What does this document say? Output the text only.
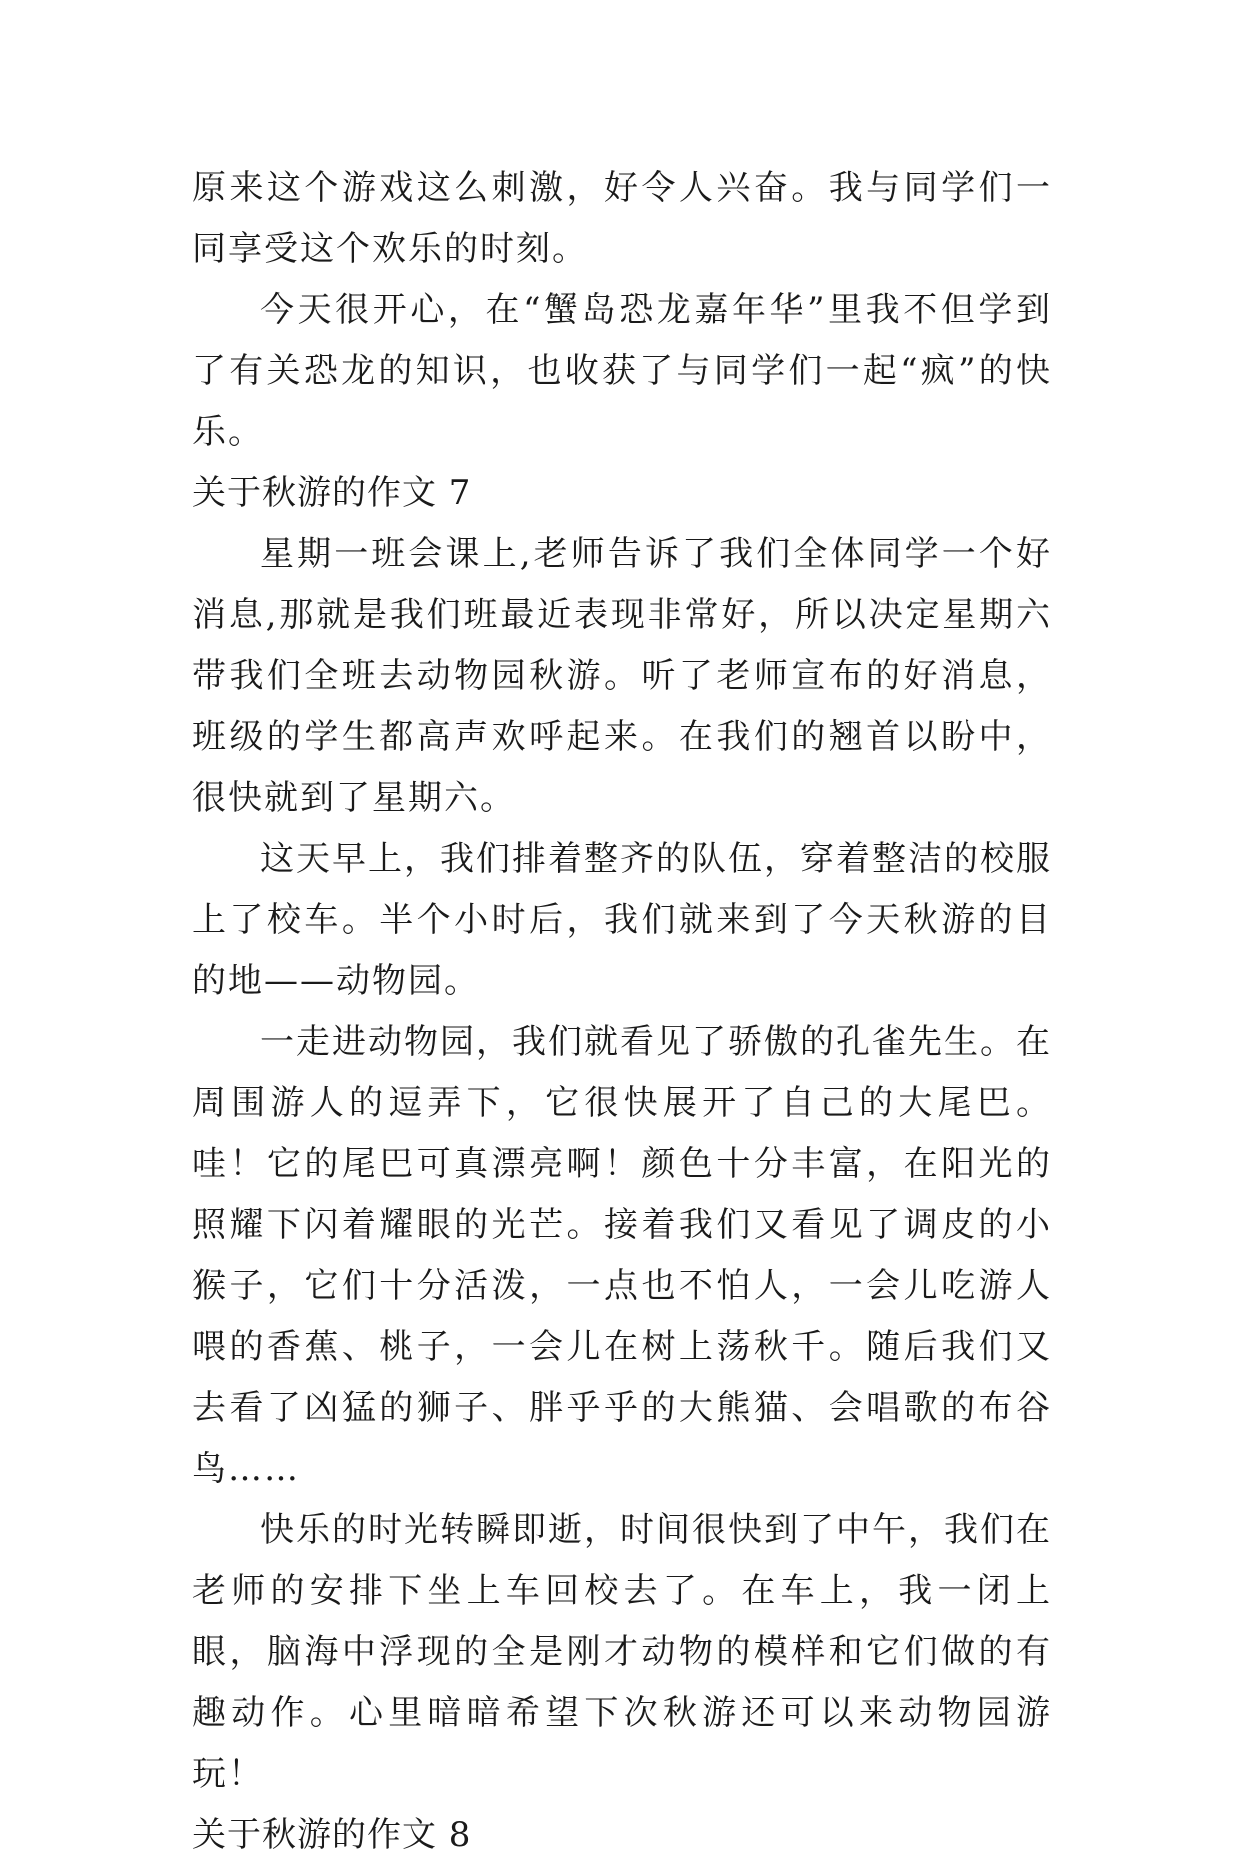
原来这个游戏这么刺激，好令人兴奋。我与同学们一同享受这个欢乐的时刻。

今天很开心，在“蟹岛恐龙嘉年华”里我不但学到了有关恐龙的知识，也收获了与同学们一起“疯”的快乐。

关于秋游的作文 7

星期一班会课上,老师告诉了我们全体同学一个好消息,那就是我们班最近表现非常好，所以决定星期六带我们全班去动物园秋游。听了老师宣布的好消息，班级的学生都高声欢呼起来。在我们的翘首以盼中，很快就到了星期六。

这天早上，我们排着整齐的队伍，穿着整洁的校服上了校车。半个小时后，我们就来到了今天秋游的目的地——动物园。

一走进动物园，我们就看见了骄傲的孔雀先生。在周围游人的逗弄下，它很快展开了自己的大尾巴。哇！它的尾巴可真漂亮啊！颜色十分丰富，在阳光的照耀下闪着耀眼的光芒。接着我们又看见了调皮的小猴子，它们十分活泼，一点也不怕人，一会儿吃游人喂的香蕉、桃子，一会儿在树上荡秋千。随后我们又去看了凶猛的狮子、胖乎乎的大熊猫、会唱歌的布谷鸟……

快乐的时光转瞬即逝，时间很快到了中午，我们在老师的安排下坐上车回校去了。在车上，我一闭上眼，脑海中浮现的全是刚才动物的模样和它们做的有趣动作。心里暗暗希望下次秋游还可以来动物园游玩！

关于秋游的作文 8
